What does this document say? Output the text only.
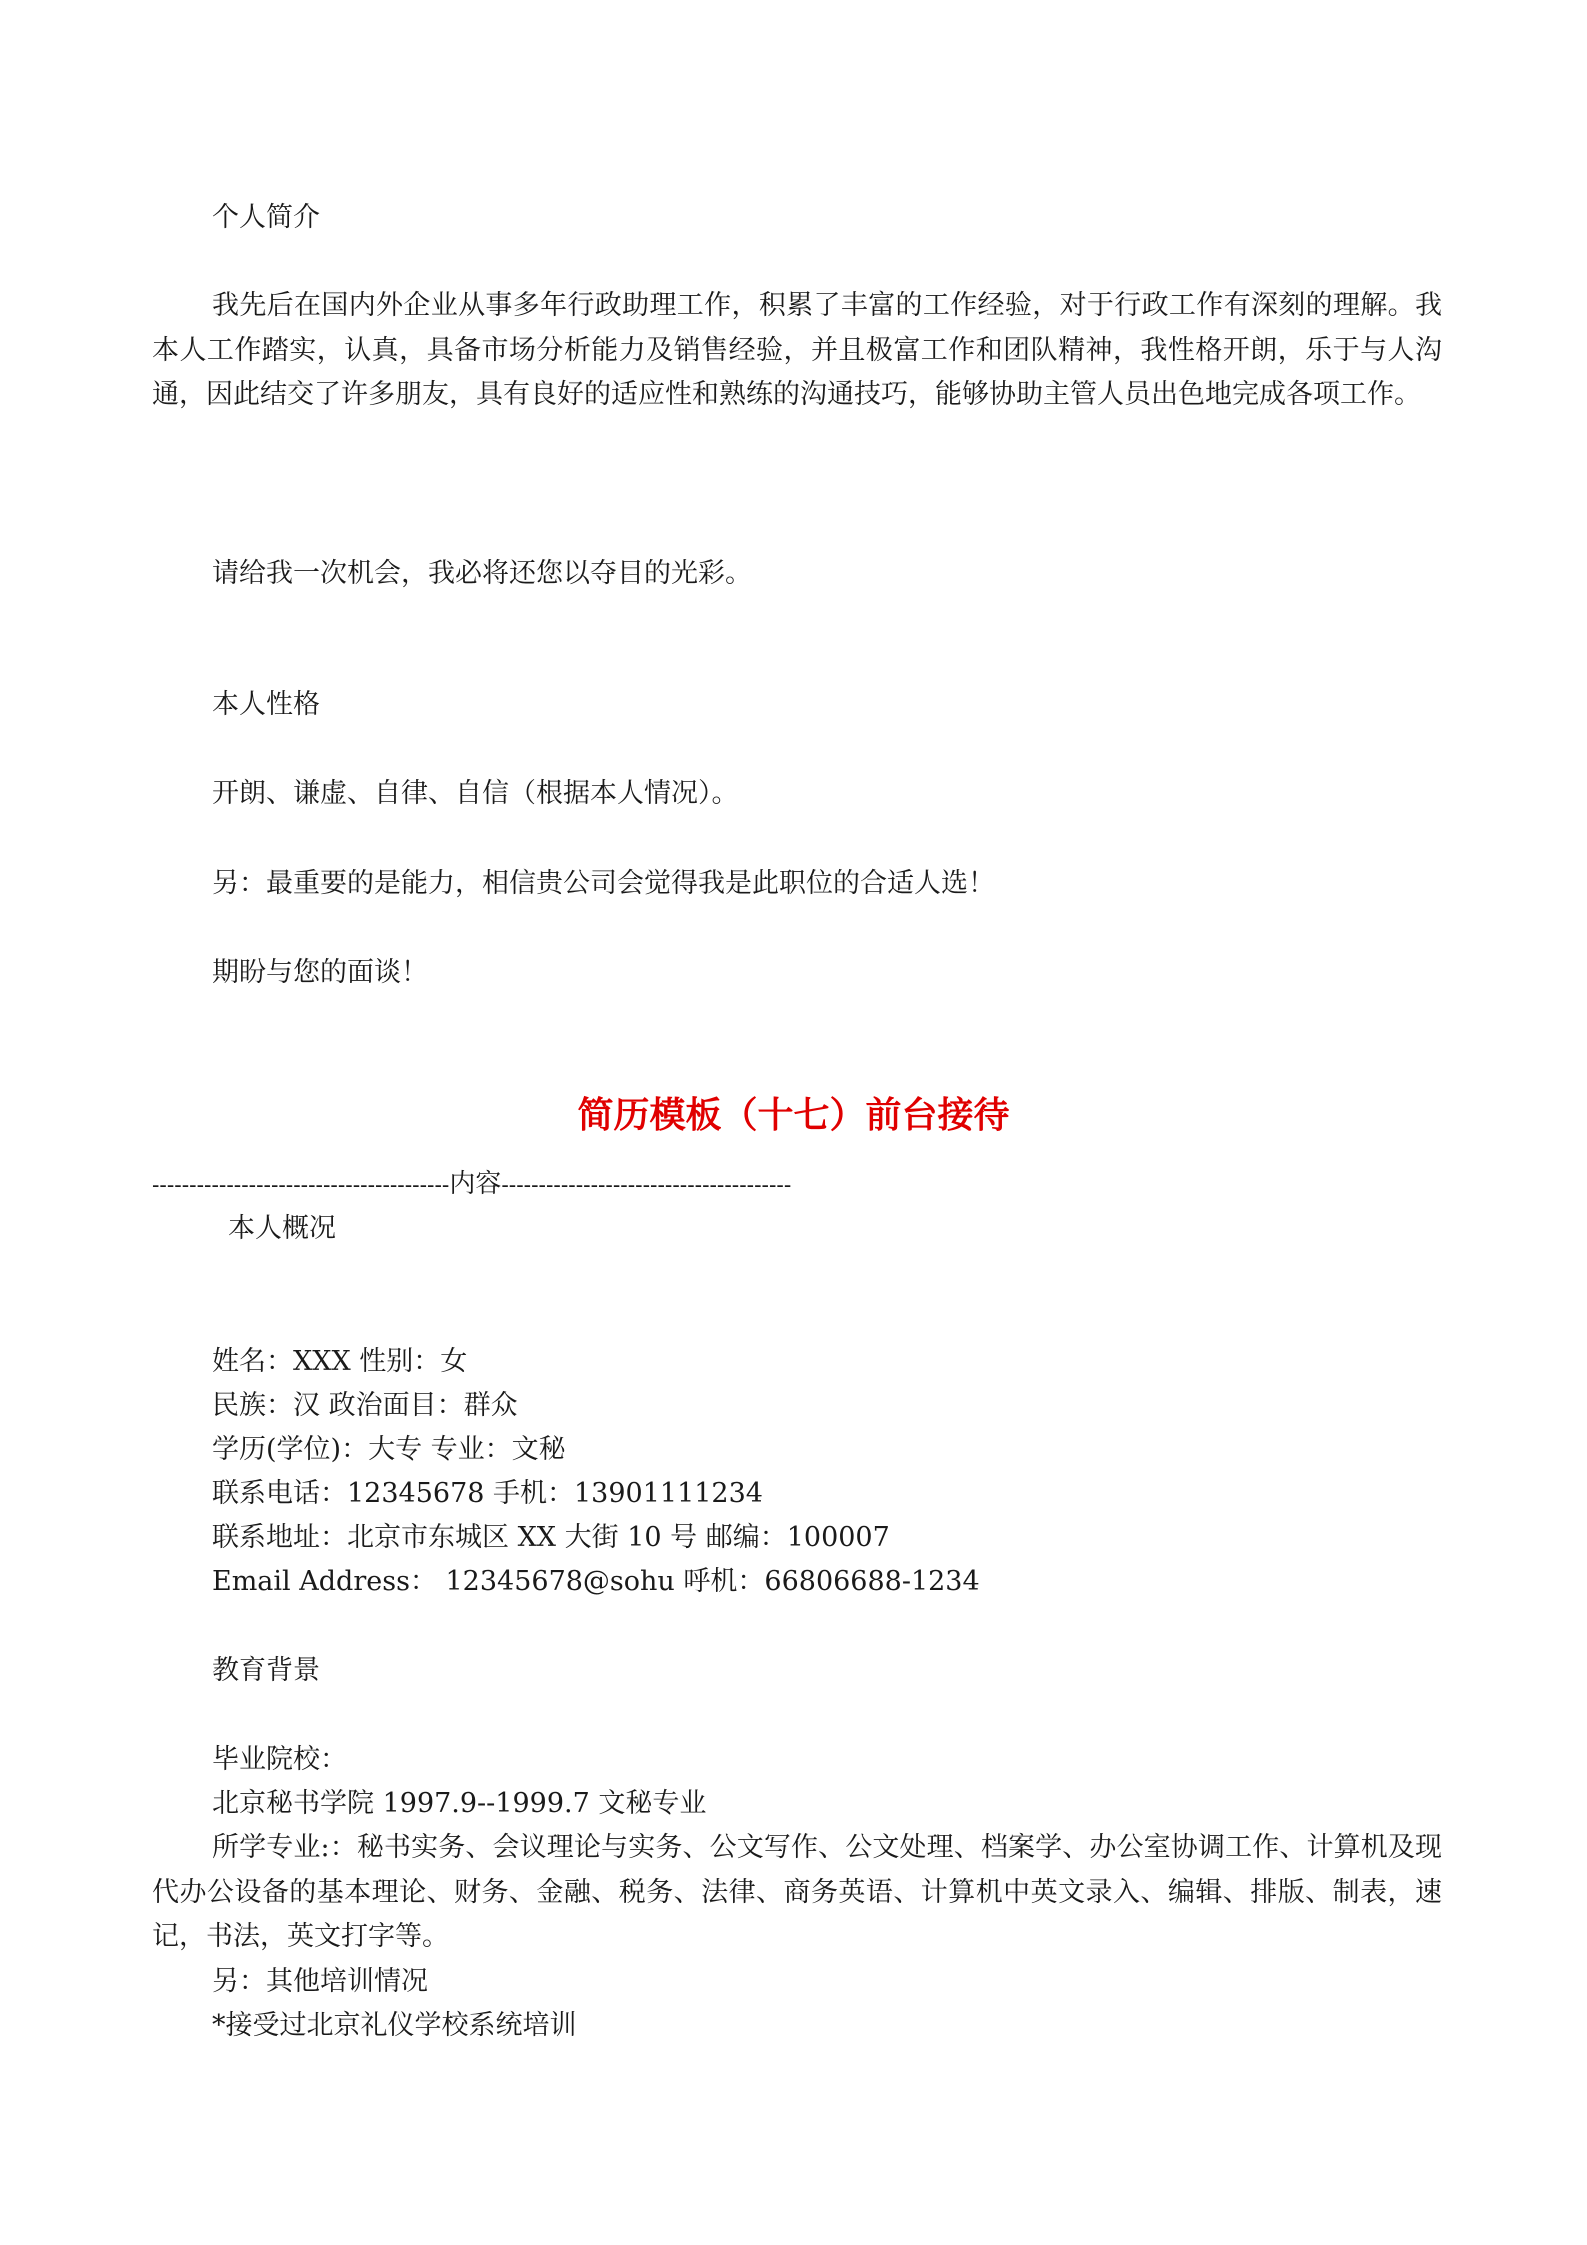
个人简介

我先后在国内外企业从事多年行政助理工作，积累了丰富的工作经验，对于行政工作有深刻的理解。我本人工作踏实，认真，具备市场分析能力及销售经验，并且极富工作和团队精神，我性格开朗，乐于与人沟通，因此结交了许多朋友，具有良好的适应性和熟练的沟通技巧，能够协助主管人员出色地完成各项工作。

请给我一次机会，我必将还您以夺目的光彩。

本人性格

开朗、谦虚、自律、自信（根据本人情况）。

另：最重要的是能力，相信贵公司会觉得我是此职位的合适人选！

期盼与您的面谈！

简历模板（十七）前台接待

----------------------------------------内容---------------------------------------

本人概况

姓名：XXX 性别：女

民族：汉 政治面目：群众

学历(学位)：大专 专业：文秘

联系电话：12345678 手机：13901111234

联系地址：北京市东城区 XX 大街 10 号 邮编：100007

Email Address： 12345678@sohu 呼机：66806688-1234

教育背景

毕业院校：

北京秘书学院 1997.9--1999.7 文秘专业

所学专业:：秘书实务、会议理论与实务、公文写作、公文处理、档案学、办公室协调工作、计算机及现代办公设备的基本理论、财务、金融、税务、法律、商务英语、计算机中英文录入、编辑、排版、制表，速记，书法，英文打字等。

另：其他培训情况

*接受过北京礼仪学校系统培训
